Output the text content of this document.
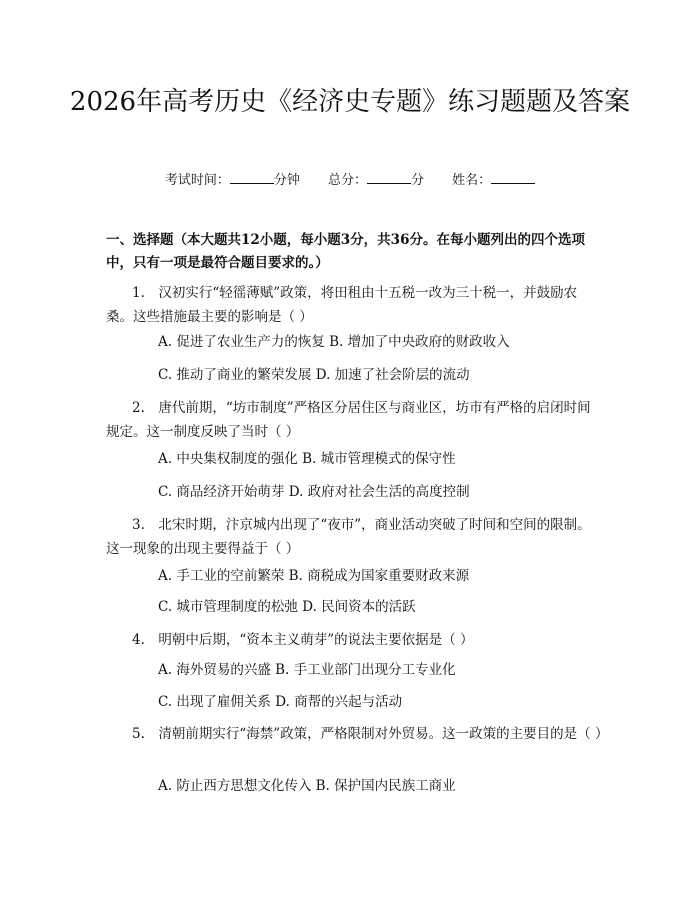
2026年高考历史《经济史专题》练习题题及答案
考试时间：	分钟 总分：	分 姓名：

一、选择题（本大题共12小题，每小题3分，共36分。在每小题列出的四个选项中，只有一项是最符合题目要求的。）

1.　汉初实行“轻徭薄赋”政策，将田租由十五税一改为三十税一，并鼓励农桑。这些措施最主要的影响是（ ）

A. 促进了农业生产力的恢复 B. 增加了中央政府的财政收入

C. 推动了商业的繁荣发展 D. 加速了社会阶层的流动

2.　唐代前期，“坊市制度”严格区分居住区与商业区，坊市有严格的启闭时间规定。这一制度反映了当时（ ）

A. 中央集权制度的强化 B. 城市管理模式的保守性

C. 商品经济开始萌芽 D. 政府对社会生活的高度控制

3.　北宋时期，汴京城内出现了“夜市”，商业活动突破了时间和空间的限制。这一现象的出现主要得益于（ ）

A. 手工业的空前繁荣 B. 商税成为国家重要财政来源

C. 城市管理制度的松弛 D. 民间资本的活跃

4.　明朝中后期，“资本主义萌芽”的说法主要依据是（ ）

A. 海外贸易的兴盛 B. 手工业部门出现分工专业化

C. 出现了雇佣关系 D. 商帮的兴起与活动

5.　清朝前期实行“海禁”政策，严格限制对外贸易。这一政策的主要目的是（ ）

A. 防止西方思想文化传入 B. 保护国内民族工商业
